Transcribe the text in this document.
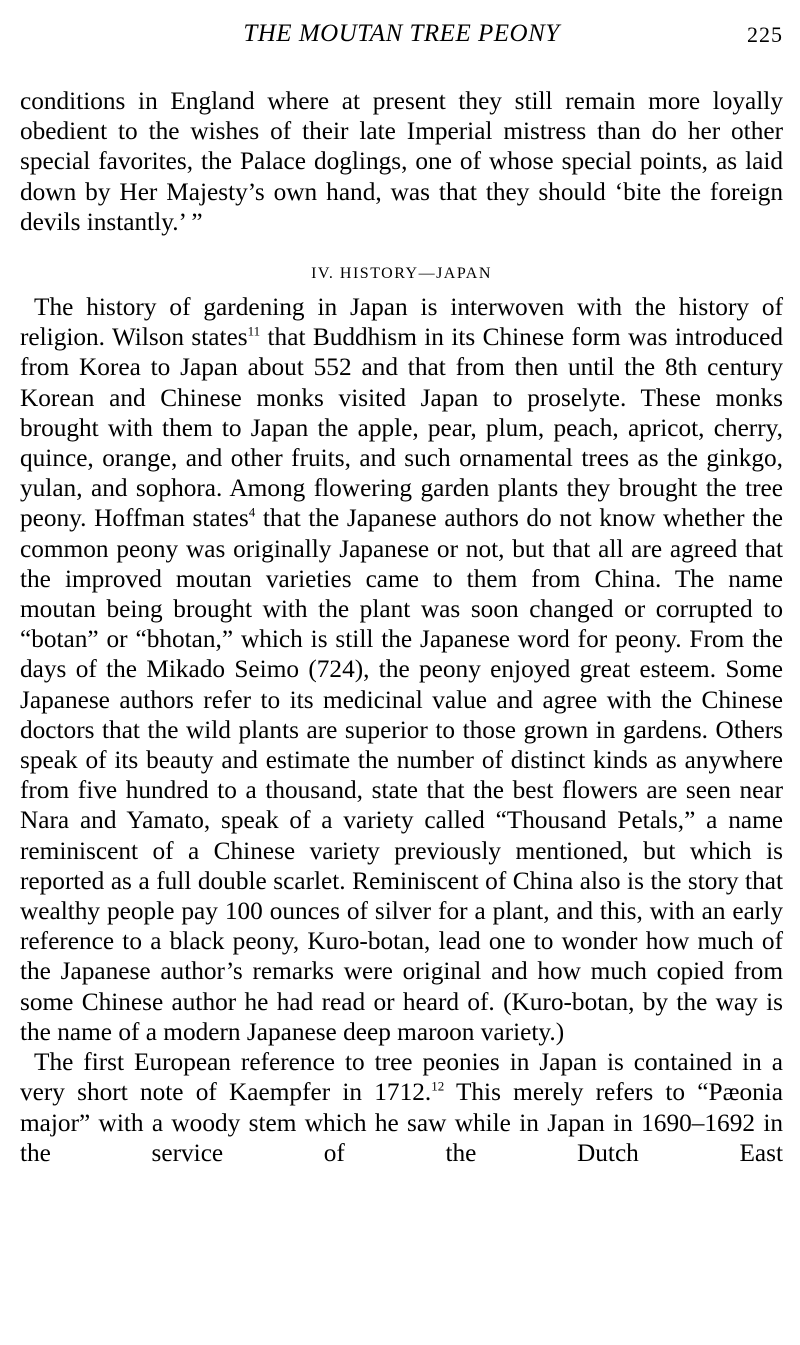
THE MOUTAN TREE PEONY	225

conditions in England where at present they still remain more loyally obedient to the wishes of their late Imperial mistress than do her other special favorites, the Palace doglings, one of whose special points, as laid down by Her Majesty’s own hand, was that they should ‘bite the foreign devils instantly.’ ”

IV. HISTORY—JAPAN

The history of gardening in Japan is interwoven with the history of religion. Wilson states$^{11}$ that Buddhism in its Chinese form was introduced from Korea to Japan about 552 and that from then until the 8th century Korean and Chinese monks visited Japan to proselyte. These monks brought with them to Japan the apple, pear, plum, peach, apricot, cherry, quince, orange, and other fruits, and such ornamental trees as the ginkgo, yulan, and sophora. Among flowering garden plants they brought the tree peony. Hoffman states$^4$ that the Japanese authors do not know whether the common peony was originally Japanese or not, but that all are agreed that the improved moutan varieties came to them from China. The name moutan being brought with the plant was soon changed or corrupted to “botan” or “bhotan,” which is still the Japanese word for peony. From the days of the Mikado Seimo (724), the peony enjoyed great esteem. Some Japanese authors refer to its medicinal value and agree with the Chinese doctors that the wild plants are superior to those grown in gardens. Others speak of its beauty and estimate the number of distinct kinds as anywhere from five hundred to a thousand, state that the best flowers are seen near Nara and Yamato, speak of a variety called “Thousand Petals,” a name reminiscent of a Chinese variety previously mentioned, but which is reported as a full double scarlet. Reminiscent of China also is the story that wealthy people pay 100 ounces of silver for a plant, and this, with an early reference to a black peony, Kuro-botan, lead one to wonder how much of the Japanese author’s remarks were original and how much copied from some Chinese author he had read or heard of. (Kuro-botan, by the way is the name of a modern Japanese deep maroon variety.)

The first European reference to tree peonies in Japan is contained in a very short note of Kaempfer in 1712.12 This merely refers to “Pæonia major” with a woody stem which he saw while in Japan in 1690–1692 in the service of the Dutch East
